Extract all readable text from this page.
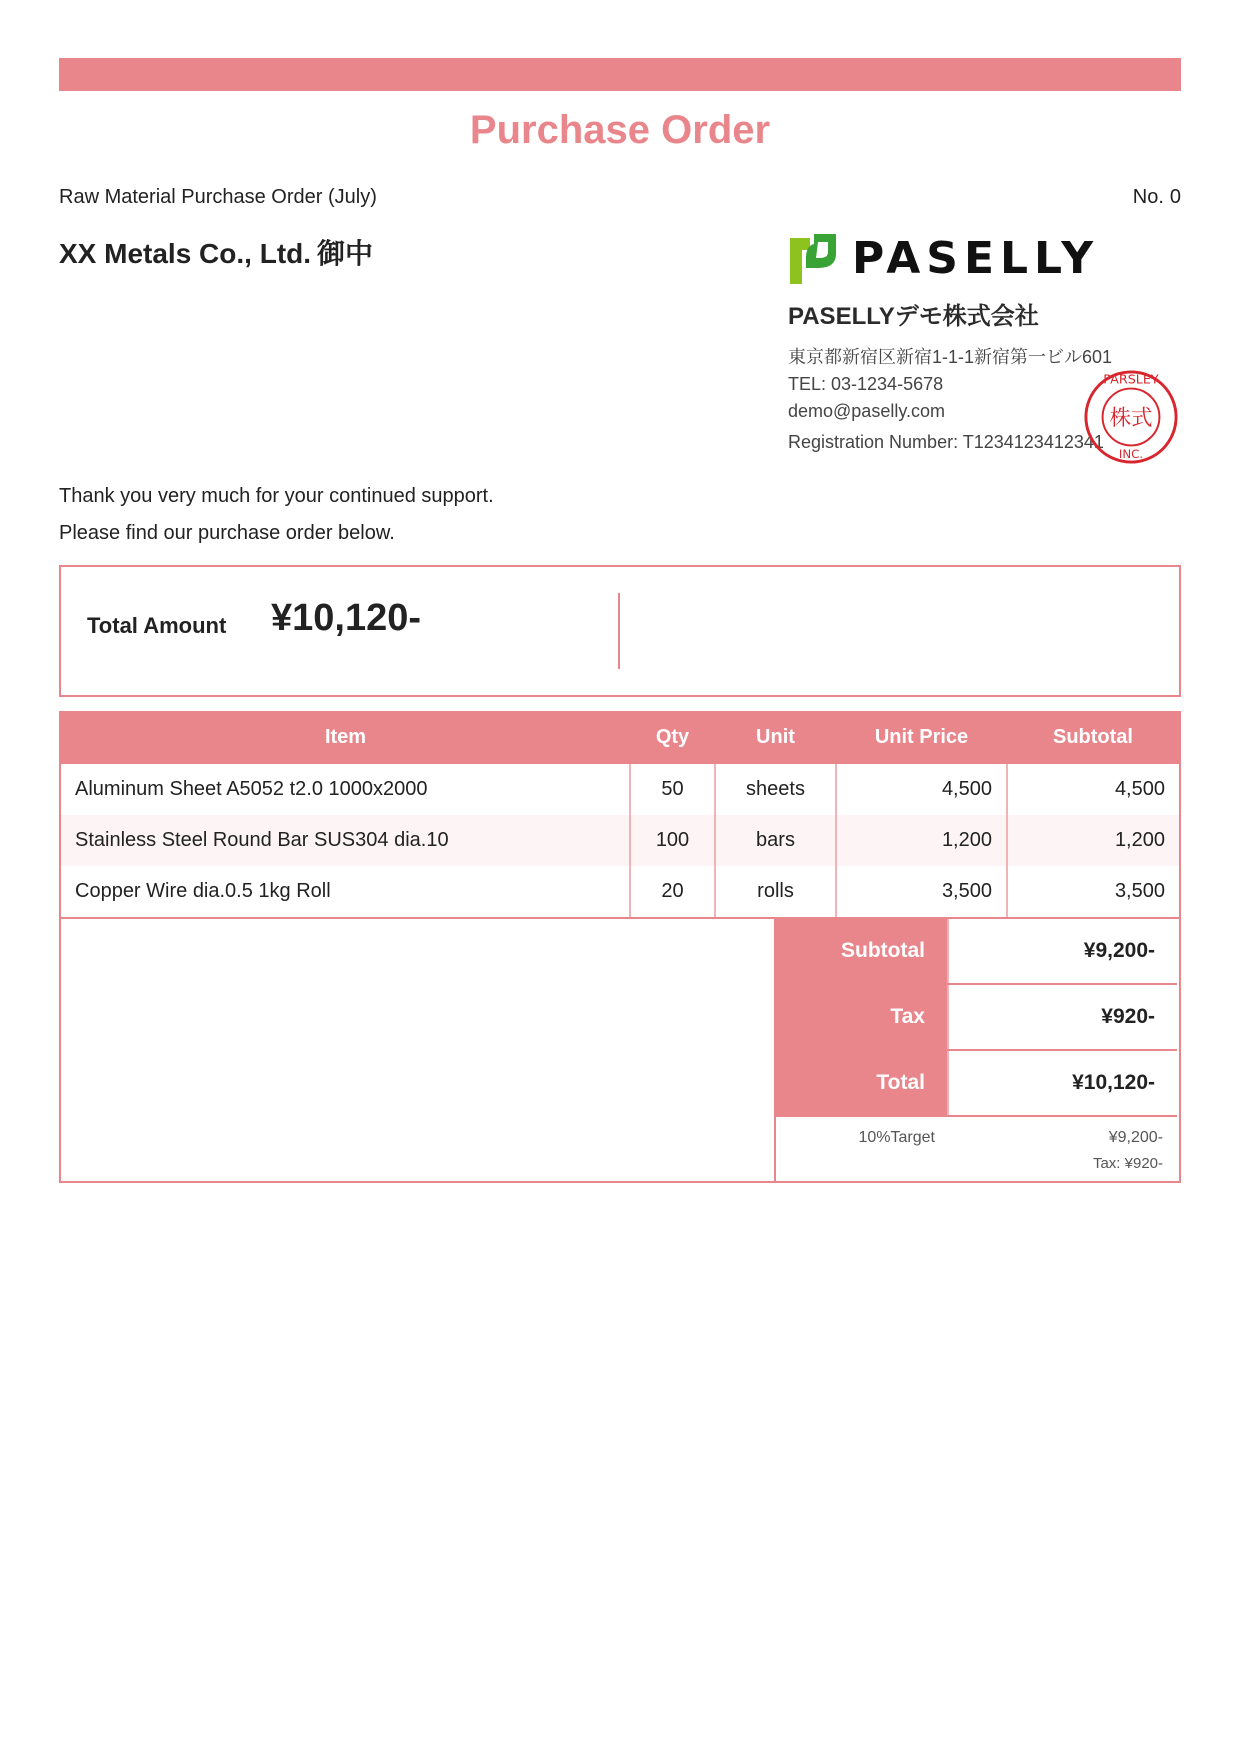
Purchase Order
Raw Material Purchase Order (July)	No. 0
XX Metals Co., Ltd. 御中	PASELLY
PASELLYデモ株式会社
東京都新宿区新宿1-1-1新宿第一ビル601
TEL: 03-1234-5678
demo@paselly.com
Registration Number: T1234123412341
PARSLEY
株式
INC.
Thank you very much for your continued support.
Please find our purchase order below.
Total Amount ¥10,120-
Item	Qty	Unit	Unit Price	Subtotal
Aluminum Sheet A5052 t2.0 1000x2000	50	sheets	4,500	4,500
Stainless Steel Round Bar SUS304 dia.10	100	bars	1,200	1,200
Copper Wire dia.0.5 1kg Roll	20	rolls	3,500	3,500
Subtotal	¥9,200-
Tax	¥920-
Total	¥10,120-
10%Target	¥9,200-
Tax: ¥920-
